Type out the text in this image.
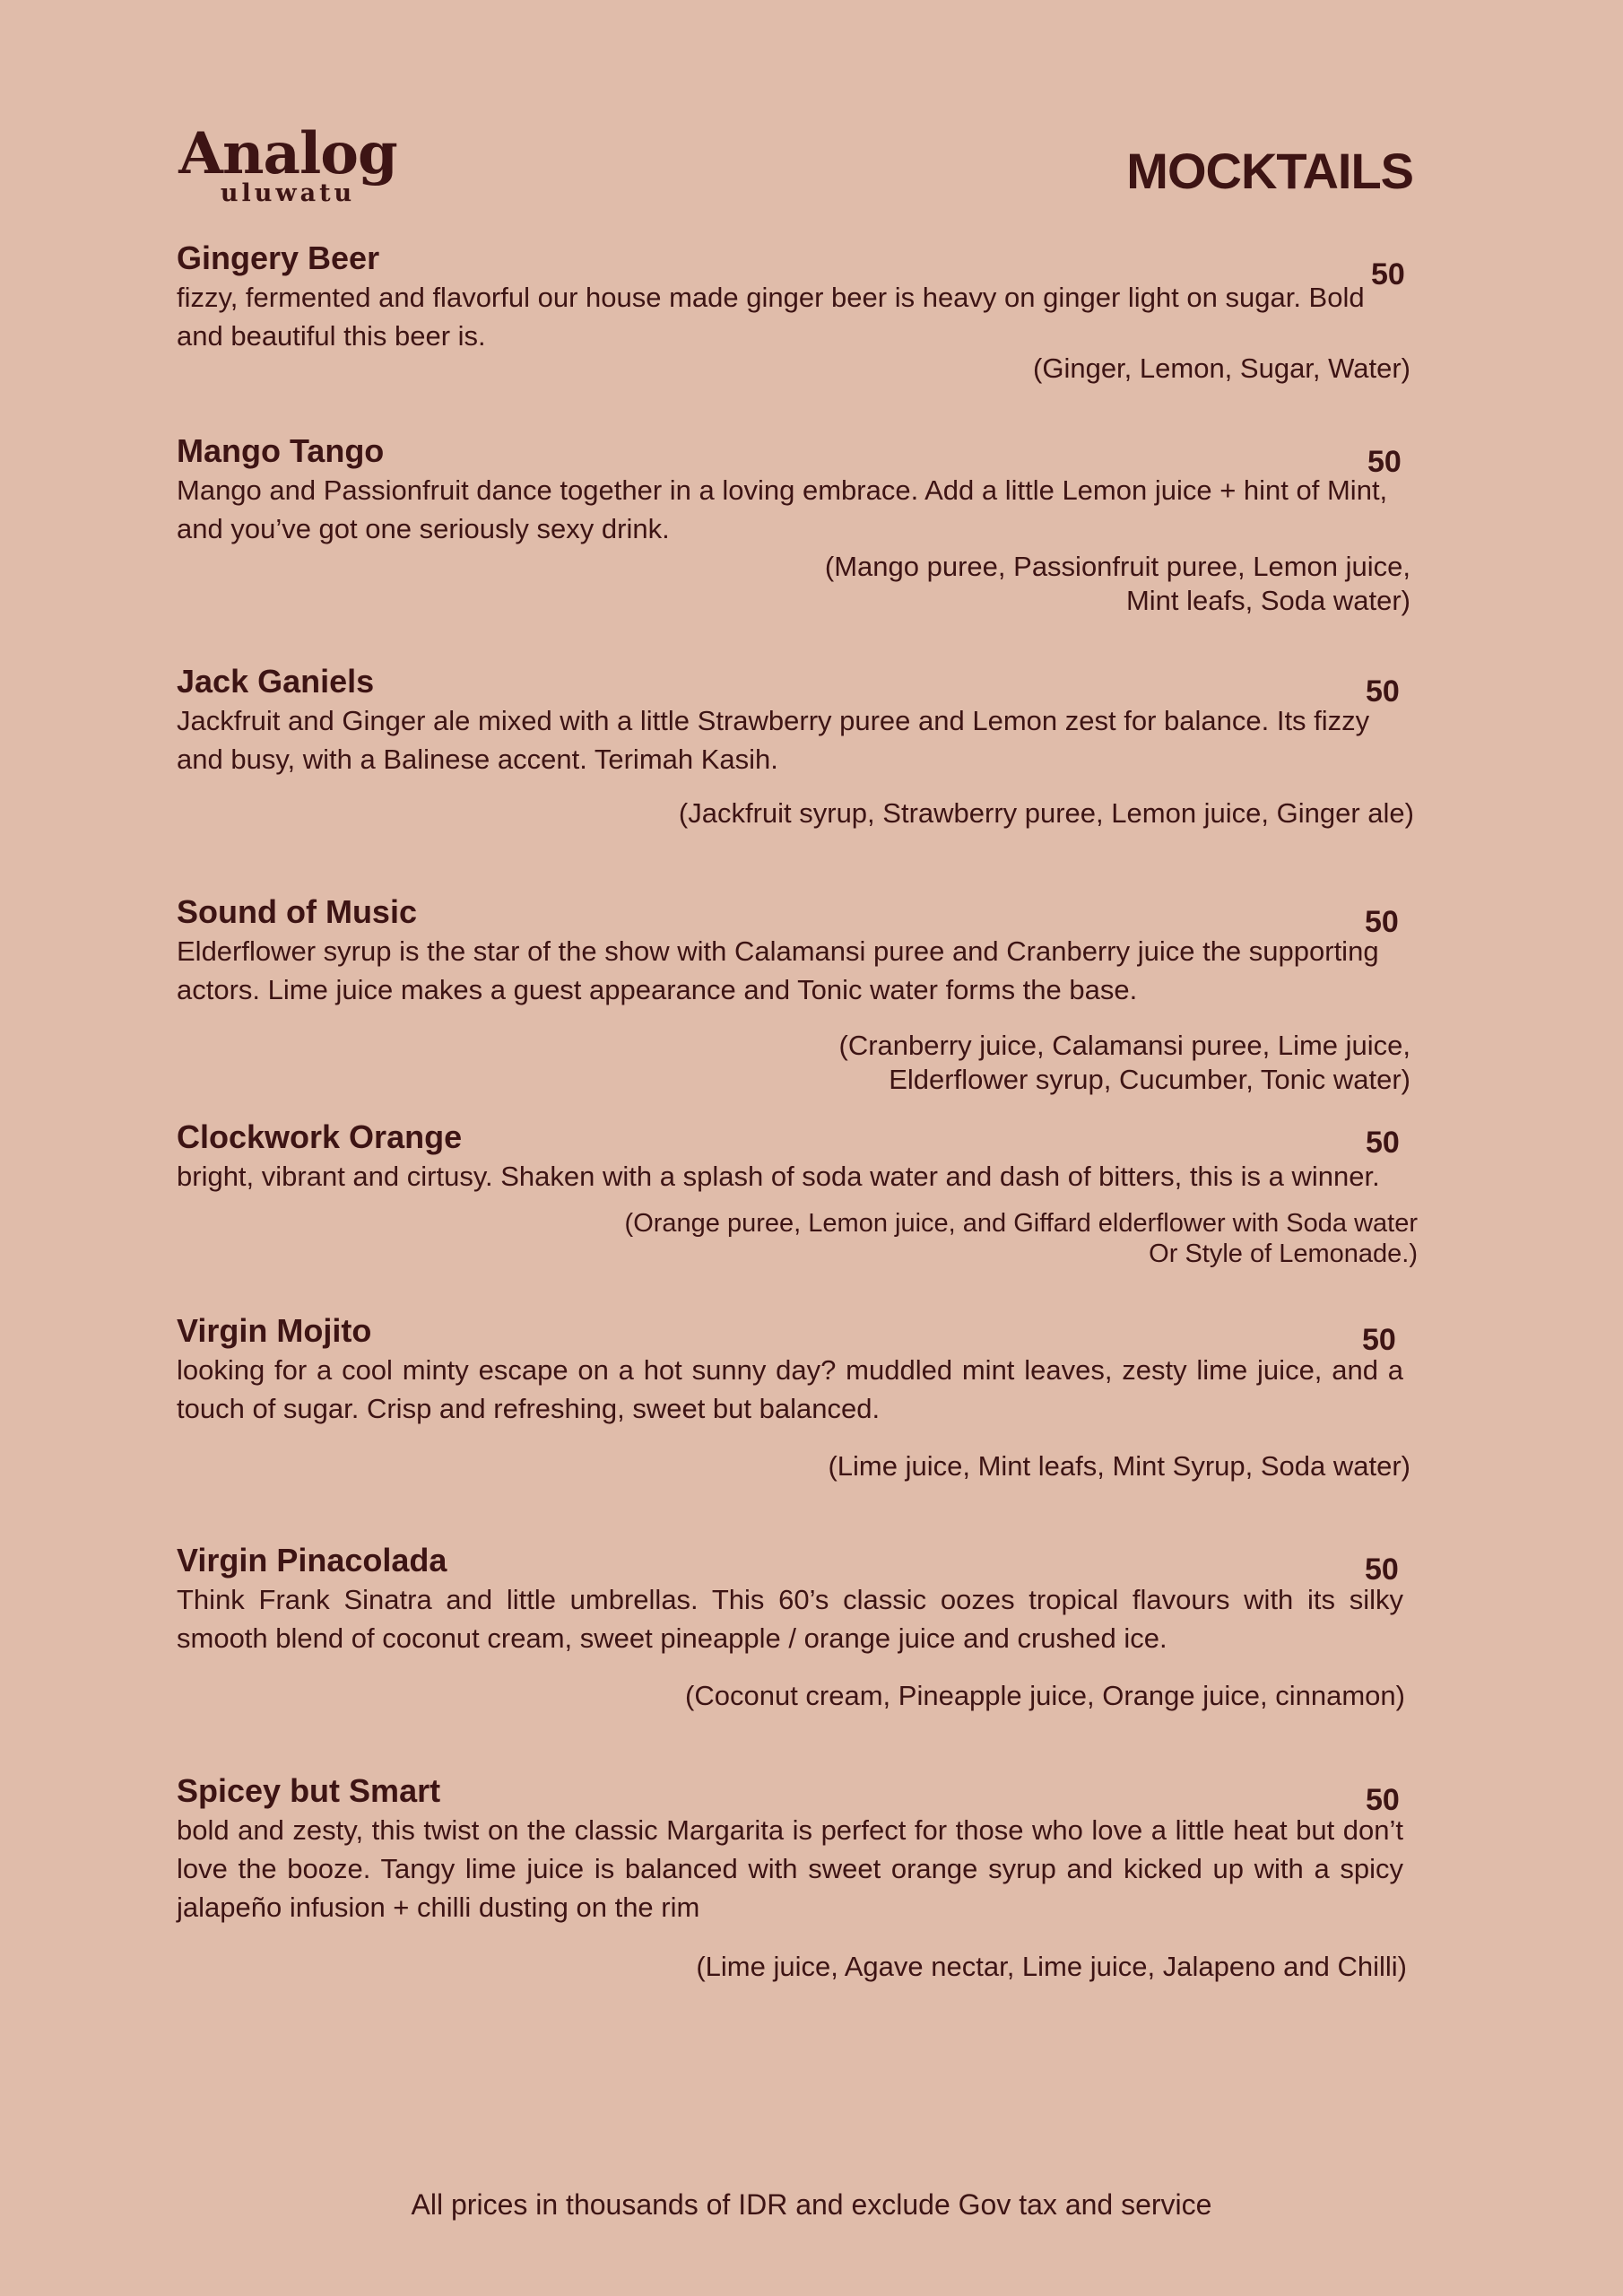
Analog
uluwatu	MOCKTAILS
Gingery Beer	50

fizzy, fermented and flavorful our house made ginger beer is heavy on ginger light on sugar. Bold and beautiful this beer is.

(Ginger, Lemon, Sugar, Water)

Mango Tango	50

Mango and Passionfruit dance together in a loving embrace. Add a little Lemon juice + hint of Mint, and you’ve got one seriously sexy drink.

(Mango puree, Passionfruit puree, Lemon juice,
Mint leafs, Soda water)

Jack Ganiels	50

Jackfruit and Ginger ale mixed with a little Strawberry puree and Lemon zest for balance. Its fizzy and busy, with a Balinese accent. Terimah Kasih.

(Jackfruit syrup, Strawberry puree, Lemon juice, Ginger ale)

Sound of Music	50

Elderflower syrup is the star of the show with Calamansi puree and Cranberry juice the supporting actors. Lime juice makes a guest appearance and Tonic water forms the base.

(Cranberry juice, Calamansi puree, Lime juice,
Elderflower syrup, Cucumber, Tonic water)

Clockwork Orange	50

bright, vibrant and cirtusy. Shaken with a splash of soda water and dash of bitters, this is a winner.

(Orange puree, Lemon juice, and Giffard elderflower with Soda water
Or Style of Lemonade.)

Virgin Mojito	50

looking for a cool minty escape on a hot sunny day? muddled mint leaves, zesty lime juice, and a touch of sugar. Crisp and refreshing, sweet but balanced.

(Lime juice, Mint leafs, Mint Syrup, Soda water)

Virgin Pinacolada	50

Think Frank Sinatra and little umbrellas. This 60’s classic oozes tropical flavours with its silky smooth blend of coconut cream, sweet pineapple / orange juice and crushed ice.

(Coconut cream, Pineapple juice, Orange juice, cinnamon)

Spicey but Smart	50

bold and zesty, this twist on the classic Margarita is perfect for those who love a little heat but don’t love the booze. Tangy lime juice is balanced with sweet orange syrup and kicked up with a spicy jalapeño infusion + chilli dusting on the rim

(Lime juice, Agave nectar, Lime juice, Jalapeno and Chilli)

All prices in thousands of IDR and exclude Gov tax and service
